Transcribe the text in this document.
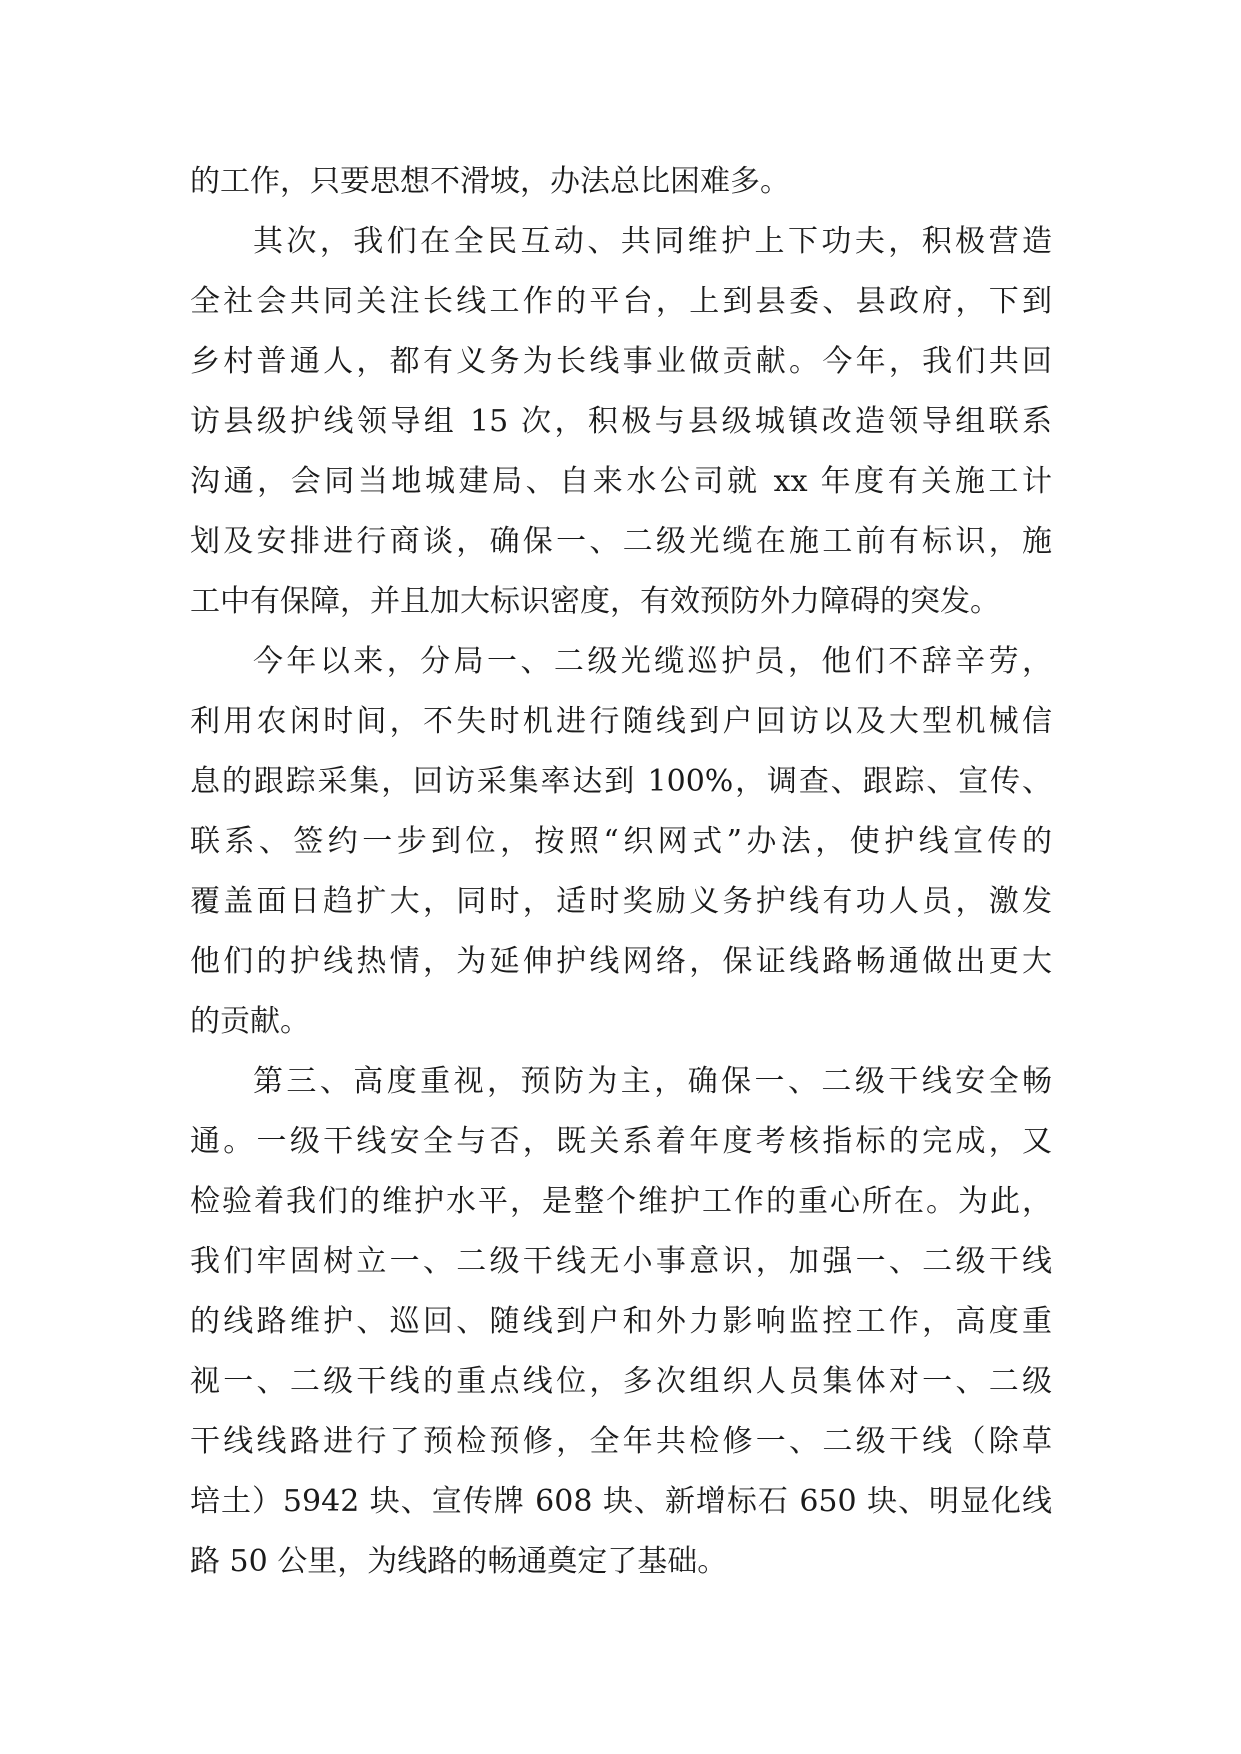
的工作，只要思想不滑坡，办法总比困难多。
其次，我们在全民互动、共同维护上下功夫，积极营造
全社会共同关注长线工作的平台，上到县委、县政府，下到
乡村普通人，都有义务为长线事业做贡献。今年，我们共回
访县级护线领导组 15 次，积极与县级城镇改造领导组联系
沟通，会同当地城建局、自来水公司就 xx 年度有关施工计
划及安排进行商谈，确保一、二级光缆在施工前有标识，施
工中有保障，并且加大标识密度，有效预防外力障碍的突发。
今年以来，分局一、二级光缆巡护员，他们不辞辛劳，
利用农闲时间，不失时机进行随线到户回访以及大型机械信
息的跟踪采集，回访采集率达到 100%，调查、跟踪、宣传、
联系、签约一步到位，按照“织网式”办法，使护线宣传的
覆盖面日趋扩大，同时，适时奖励义务护线有功人员，激发
他们的护线热情，为延伸护线网络，保证线路畅通做出更大
的贡献。
第三、高度重视，预防为主，确保一、二级干线安全畅
通。一级干线安全与否，既关系着年度考核指标的完成，又
检验着我们的维护水平，是整个维护工作的重心所在。为此，
我们牢固树立一、二级干线无小事意识，加强一、二级干线
的线路维护、巡回、随线到户和外力影响监控工作，高度重
视一、二级干线的重点线位，多次组织人员集体对一、二级
干线线路进行了预检预修，全年共检修一、二级干线（除草
培土）5942 块、宣传牌 608 块、新增标石 650 块、明显化线
路 50 公里，为线路的畅通奠定了基础。
